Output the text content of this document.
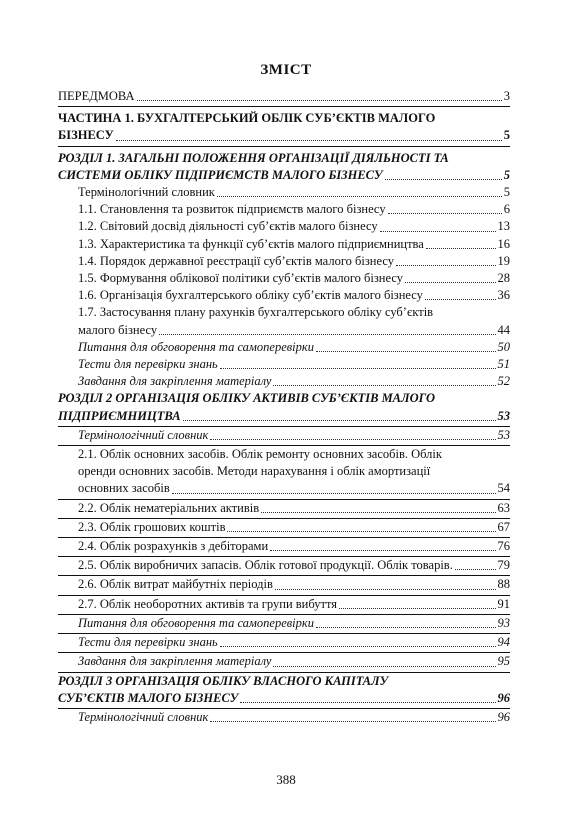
ЗМІСТ
ПЕРЕДМОВА	3
ЧАСТИНА 1. БУХГАЛТЕРСЬКИЙ ОБЛІК СУБ’ЄКТІВ МАЛОГО
БІЗНЕСУ	5
РОЗДІЛ 1. ЗАГАЛЬНІ ПОЛОЖЕННЯ ОРГАНІЗАЦІЇ ДІЯЛЬНОСТІ ТА
СИСТЕМИ ОБЛІКУ ПІДПРИЄМСТВ МАЛОГО БІЗНЕСУ	5
Термінологічний словник	5
1.1. Становлення та розвиток підприємств малого бізнесу	6
1.2. Світовий досвід діяльності суб’єктів малого бізнесу	13
1.3. Характеристика та функції суб’єктів малого підприємництва	16
1.4. Порядок державної реєстрації суб’єктів малого бізнесу	19
1.5. Формування облікової політики суб’єктів малого бізнесу	28
1.6. Організація бухгалтерського обліку суб’єктів малого бізнесу	36
1.7. Застосування плану рахунків бухгалтерського обліку суб’єктів
малого бізнесу	44
Питання для обговорення та самоперевірки	50
Тести для перевірки знань	51
Завдання для закріплення матеріалу	52
РОЗДІЛ 2 ОРГАНІЗАЦІЯ ОБЛІКУ АКТИВІВ СУБ’ЄКТІВ МАЛОГО
ПІДПРИЄМНИЦТВА	53
Термінологічний словник	53
2.1. Облік основних засобів. Облік ремонту основних засобів. Облік
оренди основних засобів. Методи нарахування і облік амортизації
основних засобів	54
2.2. Облік нематеріальних активів	63
2.3. Облік грошових коштів	67
2.4. Облік розрахунків з дебіторами	76
2.5. Облік виробничих запасів. Облік готової продукції. Облік товарів.	79
2.6. Облік витрат майбутніх періодів	88
2.7. Облік необоротних активів та групи вибуття	91
Питання для обговорення та самоперевірки	93
Тести для перевірки знань	94
Завдання для закріплення матеріалу	95
РОЗДІЛ 3 ОРГАНІЗАЦІЯ ОБЛІКУ ВЛАСНОГО КАПІТАЛУ
СУБ’ЄКТІВ МАЛОГО БІЗНЕСУ	96
Термінологічний словник	96
388
